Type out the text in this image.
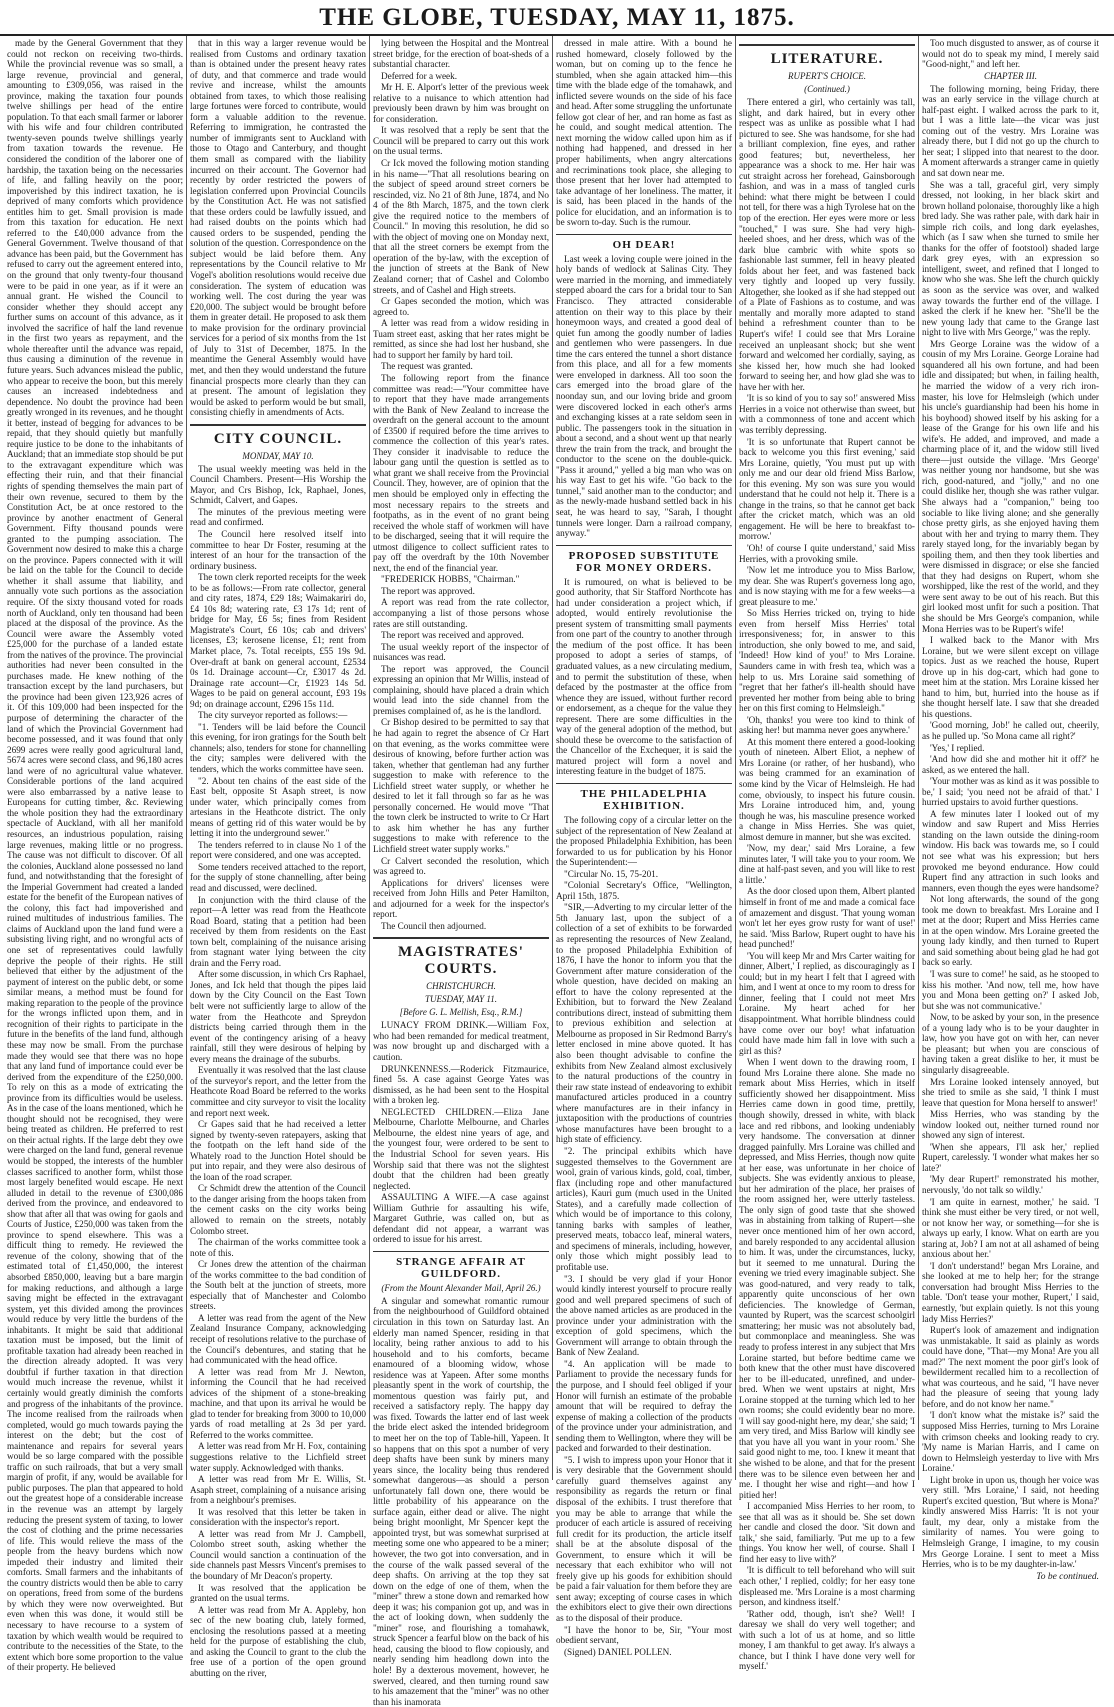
THE GLOBE, TUESDAY, MAY 11, 1875.

made by the General Government that they could not reckon on receiving two-thirds. While the provincial revenue was so small, a large revenue, provincial and general, amounting to £309,056, was raised in the province, making the taxation four pounds twelve shillings per head of the entire population. To that each small farmer or laborer with his wife and four children contributed twenty-seven pounds twelve shillings yearly from taxation towards the revenue. He considered the condition of the laborer one of hardship, the taxation being on the necessaries of life, and falling heavily on the poor; impoverished by this indirect taxation, he is deprived of many comforts which providence entitles him to get. Small provision is made from this taxation for education. He next referred to the £40,000 advance from the General Government. Twelve thousand of that advance has been paid, but the Government has refused to carry out the agreement entered into, on the ground that only twenty-four thousand were to be paid in one year, as if it were an annual grant. He wished the Council to consider whether they should accept any further sums on account of this advance, as it involved the sacrifice of half the land revenue in the first two years as repayment, and the whole thereafter until the advance was repaid, thus causing a diminution of the revenue in future years. Such advances mislead the public, who appear to receive the boon, but this merely causes an increased indebtedness and dependence. No doubt the province had been greatly wronged in its revenues, and he thought it better, instead of begging for advances to be repaid, that they should quietly but manfully require justice to be done to the inhabitants of Auckland; that an immediate stop should be put to the extravagant expenditure which was effecting their ruin, and that their financial rights of spending themselves the main part of their own revenue, secured to them by the Constitution Act, be at once restored to the province by another enactment of General Government. Fifty thousand pounds were granted to the pumping association. The Government now desired to make this a charge on the province. Papers connected with it will be laid on the table for the Council to decide whether it shall assume that liability, and annually vote such portions as the association require. Of the sixty thousand voted for roads north of Auckland, only ten thousand had been placed at the disposal of the province. As the Council were aware the Assembly voted £25,000 for the purchase of a landed estate from the natives of the province. The provincial authorities had never been consulted in the purchases made. He knew nothing of the transaction except by the land purchasers, but the province had been given 123,926 acres of it. Of this 109,000 had been inspected for the purpose of determining the character of the land of which the Provincial Government had become possessed, and it was found that only 2699 acres were really good agricultural land, 5674 acres were second class, and 96,180 acres land were of no agricultural value whatever. Considerable portions of the land acquired were also embarrassed by a native lease to Europeans for cutting timber, &c. Reviewing the whole position they had the extraordinary spectacle of Auckland, with all her manifold resources, an industrious population, raising large revenues, making little or no progress. The cause was not difficult to discover. Of all the colonies, Auckland alone possessed no land fund, and notwithstanding that the foresight of the Imperial Government had created a landed estate for the benefit of the European natives of the colony, this fact had impoverished and ruined multitudes of industrious families. The claims of Auckland upon the land fund were a subsisting living right, and no wrongful acts of one set of representatives could lawfully deprive the people of their rights. He still believed that either by the adjustment of the payment of interest on the public debt, or some similar means, a method must be found for making reparation to the people of the province for the wrongs inflicted upon them, and in recognition of their rights to participate in the future in the benefits of the land fund, although these may now be small. From the purchase made they would see that there was no hope that any land fund of importance could ever be derived from the expenditure of the £250,000. To rely on this as a mode of extricating the province from its difficulties would be useless. As in the case of the loans mentioned, which he thought should not be recognised, they were being treated as children. He preferred to rest on their actual rights. If the large debt they owe were charged on the land fund, general revenue would be stopped, the interests of the humbler classes sacrificed to another form, whilst those most largely benefited would escape. He next alluded in detail to the revenue of £300,086 derived from the province, and endeavored to show that after all that was owing for gaols and Courts of Justice, £250,000 was taken from the province to spend elsewhere. This was a difficult thing to remedy. He reviewed the revenue of the colony, showing that of the estimated total of £1,450,000, the interest absorbed £850,000, leaving but a bare margin for making reductions, and although a large saving might be effected in the extravagant system, yet this divided among the provinces would reduce by very little the burdens of the inhabitants. It might be said that additional taxation must be imposed, but the limit of profitable taxation had already been reached in the direction already adopted. It was very doubtful if further taxation in that direction would much increase the revenue, whilst it certainly would greatly diminish the comforts and progress of the inhabitants of the province. The income realised from the railroads when completed, would go much towards paying the interest on the debt; but the cost of maintenance and repairs for several years would be so large compared with the possible traffic on such railroads, that but a very small margin of profit, if any, would be available for public purposes. The plan that appeared to hold out the greatest hope of a considerable increase in the revenue was an attempt by largely reducing the present system of taxing, to lower the cost of clothing and the prime necessaries of life. This would relieve the mass of the people from the heavy burdens which now impeded their industry and limited their comforts. Small farmers and the inhabitants of the country districts would then be able to carry on operations, freed from some of the burdens by which they were now overweighted. But even when this was done, it would still be necessary to have recourse to a system of taxation by which wealth would be required to contribute to the necessities of the State, to the extent which bore some proportion to the value of their property. He believed

that in this way a larger revenue would be realised from Customs and ordinary taxation than is obtained under the present heavy rates of duty, and that commerce and trade would revive and increase, whilst the amounts obtained from taxes, to which those realising large fortunes were forced to contribute, would form a valuable addition to the revenue. Referring to immigration, he contrasted the number of immigrants sent to Auckland with those to Otago and Canterbury, and thought them small as compared with the liability incurred on their account. The Governor had recently by order restricted the powers of legislation conferred upon Provincial Councils by the Constitution Act. He was not satisfied that these orders could be lawfully issued, and had raised doubts on the points which had caused orders to be suspended, pending the solution of the question. Correspondence on the subject would be laid before them. Any representations by the Council relative to Mr Vogel's abolition resolutions would receive due consideration. The system of education was working well. The cost during the year was £20,000. The subject would be brought before them in greater detail. He proposed to ask them to make provision for the ordinary provincial services for a period of six months from the 1st of July to 31st of December, 1875. In the meantime the General Assembly would have met, and then they would understand the future financial prospects more clearly than they can at present. The amount of legislation they would be asked to perform would be but small, consisting chiefly in amendments of Acts.

CITY COUNCIL.
MONDAY, MAY 10.

The usual weekly meeting was held in the Council Chambers. Present—His Worship the Mayor, and Crs Bishop, Ick, Raphael, Jones, Schmidt, Calvert, and Gapes.

The minutes of the previous meeting were read and confirmed.

The Council here resolved itself into committee to hear Dr Foster, resuming at the interest of an hour for the transaction of the ordinary business.

The town clerk reported receipts for the week to be as follows:—From rate collector, general and city rates, 1874, £29 18s; Waimakariri do, £4 10s 8d; watering rate, £3 17s 1d; rent of bridge for May, £6 5s; fines from Resident Magistrate's Court, £6 10s; cab and drivers' licenses, £3; kerosene license, £1; rent from Market place, 7s. Total receipts, £55 19s 9d. Over-draft at bank on general account, £2534 0s 1d. Drainage account—Cr, £3017 4s 2d. Drainage rate account—Cr, £1923 14s 5d. Wages to be paid on general account, £93 19s 9d; on drainage account, £296 15s 11d.

The city surveyor reported as follows:—

"1. Tenders will be laid before the Council this evening, for iron gratings for the South belt channels; also, tenders for stone for channelling the city; samples were delivered with the tenders, which the works committee have seen.

"2. About ten chains of the east side of the East belt, opposite St Asaph street, is now under water, which principally comes from artesians in the Heathcote district. The only means of getting rid of this water would be by letting it into the underground sewer."

The tenders referred to in clause No 1 of the report were considered, and one was accepted.

Some tenders received attached to the report, for the supply of stone channelling, after being read and discussed, were declined.

In conjunction with the third clause of the report—A letter was read from the Heathcote Road Board, stating that a petition had been received by them from residents on the East town belt, complaining of the nuisance arising from stagnant water lying between the city drain and the Ferry road.

After some discussion, in which Crs Raphael, Jones, and Ick held that though the pipes laid down by the City Council on the East Town belt were not sufficiently large to allow of the water from the Heathcote and Spreydon districts being carried through them in the event of the contingency arising of a heavy rainfall, still they were desirous of helping by every means the drainage of the suburbs.

Eventually it was resolved that the last clause of the surveyor's report, and the letter from the Heathcote Road Board be referred to the works committee and city surveyor to visit the locality and report next week.

Cr Gapes said that he had received a letter signed by twenty-seven ratepayers, asking that the footpath on the left hand side of the Whately road to the Junction Hotel should be put into repair, and they were also desirous of the loan of the road scraper.

Cr Schmidt drew the attention of the Council to the danger arising from the hoops taken from the cement casks on the city works being allowed to remain on the streets, notably Colombo street.

The chairman of the works committee took a note of this.

Cr Jones drew the attention of the chairman of the works committee to the bad condition of the South belt at the junction of streets, more especially that of Manchester and Colombo streets.

A letter was read from the agent of the New Zealand Insurance Company, acknowledging receipt of resolutions relative to the purchase of the Council's debentures, and stating that he had communicated with the head office.

A letter was read from Mr J. Newton, informing the Council that he had received advices of the shipment of a stone-breaking machine, and that upon its arrival he would be glad to tender for breaking from 3000 to 10,000 yards of road metalling at 2s 3d per yard. Referred to the works committee.

A letter was read from Mr H. Fox, containing suggestions relative to the Lichfield street water supply. Acknowledged with thanks.

A letter was read from Mr E. Willis, St. Asaph street, complaining of a nuisance arising from a neighbour's premises.

It was resolved that this letter be taken in consideration with the inspector's report.

A letter was read from Mr J. Campbell, Colombo street south, asking whether the Council would sanction a continuation of the side channels past Messrs Vincent's premises to the boundary of Mr Deacon's property.

It was resolved that the application be granted on the usual terms.

A letter was read from Mr A. Appleby, hon sec of the new boating club, lately formed, enclosing the resolutions passed at a meeting held for the purpose of establishing the club, and asking the Council to grant to the club the free use of a portion of the open ground abutting on the river,

lying between the Hospital and the Montreal street bridge, for the erection of boat-sheds of a substantial character.

Deferred for a week.

Mr H. E. Alport's letter of the previous week relative to a nuisance to which attention had previously been drawn by him was brought on for consideration.

It was resolved that a reply be sent that the Council will be prepared to carry out this work on the usual terms.

Cr Ick moved the following motion standing in his name—"That all resolutions bearing on the subject of speed around street corners be rescinded, viz. No 21 of 8th June, 1874, and No 4 of the 8th March, 1875, and the town clerk give the required notice to the members of Council." In moving this resolution, he did so with the object of moving one on Monday next, that all the street corners be exempt from the operation of the by-law, with the exception of the junction of streets at the Bank of New Zealand corner; that of Cashel and Colombo streets, and of Cashel and High streets.

Cr Gapes seconded the motion, which was agreed to.

A letter was read from a widow residing in Tuam street east, asking that her rates might be remitted, as since she had lost her husband, she had to support her family by hard toil.

The request was granted.

The following report from the finance committee was read:—"Your committee have to report that they have made arrangements with the Bank of New Zealand to increase the overdraft on the general account to the amount of £3500 if required before the time arrives to commence the collection of this year's rates. They consider it inadvisable to reduce the labour gang until the question is settled as to what grant we shall receive from the Provincial Council. They, however, are of opinion that the men should be employed only in effecting the most necessary repairs to the streets and footpaths, as in the event of no grant being received the whole staff of workmen will have to be discharged, seeing that it will require the utmost diligence to collect sufficient rates to pay off the overdraft by the 10th November next, the end of the financial year.

"FREDERICK HOBBS, "Chairman."

The report was approved.

A report was read from the rate collector, accompanying a list of those persons whose rates are still outstanding.

The report was received and approved.

The usual weekly report of the inspector of nuisances was read.

The report was approved, the Council expressing an opinion that Mr Willis, instead of complaining, should have placed a drain which would lead into the side channel from the premises complained of, as he is the landlord.

Cr Bishop desired to be permitted to say that he had again to regret the absence of Cr Hart on that evening, as the works committee were desirous of knowing, before further action was taken, whether that gentleman had any further suggestion to make with reference to the Lichfield street water supply, or whether he desired to let it fall through so far as he was personally concerned. He would move "That the town clerk be instructed to write to Cr Hart to ask him whether he has any further suggestions to make with reference to the Lichfield street water supply works."

Cr Calvert seconded the resolution, which was agreed to.

Applications for drivers' licenses were received from John Hills and Peter Hamilton, and adjourned for a week for the inspector's report.

The Council then adjourned.

MAGISTRATES' COURTS.
CHRISTCHURCH.
TUESDAY, MAY 11.
[Before G. L. Mellish, Esq., R.M.]

LUNACY FROM DRINK.—William Fox, who had been remanded for medical treatment, was now brought up and discharged with a caution.

DRUNKENNESS.—Roderick Fitzmaurice, fined 5s. A case against George Yates was dismissed, as he had been sent to the Hospital with a broken leg.

NEGLECTED CHILDREN.—Eliza Jane Melbourne, Charlotte Melbourne, and Charles Melbourne, the eldest nine years of age, and the youngest four, were ordered to be sent to the Industrial School for seven years. His Worship said that there was not the slightest doubt that the children had been greatly neglected.

ASSAULTING A WIFE.—A case against William Guthrie for assaulting his wife, Margaret Guthrie, was called on, but as defendant did not appear, a warrant was ordered to issue for his arrest.

STRANGE AFFAIR AT GUILDFORD.
(From the Mount Alexander Mail, April 26.)

A singular and somewhat romantic rumour from the neighbourhood of Guildford obtained circulation in this town on Saturday last. An elderly man named Spencer, residing in that locality, being rather anxious to add to his household and to his comforts, became enamoured of a blooming widow, whose residence was at Yapeen. After some months pleasantly spent in the work of courtship, the momentous question was fairly put, and received a satisfactory reply. The happy day was fixed. Towards the latter end of last week the bride elect asked the intended bridegroom to meet her on the top of Table-hill, Yapeen. It so happens that on this spot a number of very deep shafts have been sunk by miners many years since, the locality being thus rendered somewhat dangerous—as should a person unfortunately fall down one, there would be little probability of his appearance on the surface again, either dead or alive. The night being bright moonlight, Mr Spencer kept the appointed tryst, but was somewhat surprised at meeting some one who appeared to be a miner; however, the two got into conversation, and in the course of the walk passed several of the deep shafts. On arriving at the top they sat down on the edge of one of them, when the "miner" threw a stone down and remarked how deep it was; his companion got up, and was in the act of looking down, when suddenly the "miner" rose, and flourishing a tomahawk, struck Spencer a fearful blow on the back of his head, causing the blood to flow copiously, and nearly sending him headlong down into the hole! By a dexterous movement, however, he swerved, cleared, and then turning round saw to his amazement that the "miner" was no other than his inamorata

dressed in male attire. With a bound he rushed homeward, closely followed by the woman, but on coming up to the fence he stumbled, when she again attacked him—this time with the blade edge of the tomahawk, and inflicted severe wounds on the side of his face and head. After some struggling the unfortunate fellow got clear of her, and ran home as fast as he could, and sought medical attention. The next morning the widow called upon him as if nothing had happened, and dressed in her proper habiliments, when angry altercations and recriminations took place, she alleging to those present that her lover had attempted to take advantage of her loneliness. The matter, it is said, has been placed in the hands of the police for elucidation, and an information is to be sworn to-day. Such is the rumour.

OH DEAR!

Last week a loving couple were joined in the holy bands of wedlock at Salinas City. They were married in the morning, and immediately stepped aboard the cars for a bridal tour to San Francisco. They attracted considerable attention on their way to this place by their honeymoon ways, and created a good deal of quiet fun among the goodly number of ladies and gentlemen who were passengers. In due time the cars entered the tunnel a short distance from this place, and all for a few moments were enveloped in darkness. All too soon the cars emerged into the broad glare of the noonday sun, and our loving bride and groom were discovered locked in each other's arms and exchanging kisses at a rate seldom seen in public. The passengers took in the situation in about a second, and a shout went up that nearly threw the train from the track, and brought the conductor to the scene on the double-quick. "Pass it around," yelled a big man who was on his way East to get his wife. "Go back to the tunnel," said another man to the conductor; and as the newly-made husband settled back in his seat, he was heard to say, "Sarah, I thought tunnels were longer. Darn a railroad company, anyway."

PROPOSED SUBSTITUTE FOR MONEY ORDERS.

It is rumoured, on what is believed to be good authority, that Sir Stafford Northcote has had under consideration a project which, if adopted, would entirely revolutionise the present system of transmitting small payments from one part of the country to another through the medium of the post office. It has been proposed to adopt a series of stamps, of graduated values, as a new circulating medium, and to permit the substitution of these, when defaced by the postmaster at the office from whence they are issued, without further record or endorsement, as a cheque for the value they represent. There are some difficulties in the way of the general adoption of the method, but should these be overcome to the satisfaction of the Chancellor of the Exchequer, it is said the matured project will form a novel and interesting feature in the budget of 1875.

THE PHILADELPHIA EXHIBITION.

The following copy of a circular letter on the subject of the representation of New Zealand at the proposed Philadelphia Exhibition, has been forwarded to us for publication by his Honor the Superintendent:—

"Circular No. 15, 75-201.

"Colonial Secretary's Office, "Wellington, April 15th, 1875.

"SIR,—Adverting to my circular letter of the 5th January last, upon the subject of a collection of a set of exhibits to be forwarded as representing the resources of New Zealand, to the proposed Philadelphia Exhibition of 1876, I have the honor to inform you that the Government after mature consideration of the whole question, have decided on making an effort to have the colony represented at the Exhibition, but to forward the New Zealand contributions direct, instead of submitting them to previous exhibition and selection at Melbourne as proposed in Sir Redmond Barry's letter enclosed in mine above quoted. It has also been thought advisable to confine the exhibits from New Zealand almost exclusively to the natural productions of the country in their raw state instead of endeavoring to exhibit manufactured articles produced in a country where manufactures are in their infancy in juxtaposition with the productions of countries whose manufactures have been brought to a high state of efficiency.

"2. The principal exhibits which have suggested themselves to the Government are wool, grain of various kinds, gold, coal, timber, flax (including rope and other manufactured articles), Kauri gum (much used in the United States), and a carefully made collection of which would be of importance to this colony, tanning barks with samples of leather, preserved meats, tobacco leaf, mineral waters, and specimens of minerals, including, however, only those which might possibly lead to profitable use.

"3. I should be very glad if your Honor would kindly interest yourself to procure really good and well prepared specimens of such of the above named articles as are produced in the province under your administration with the exception of gold specimens, which the Government will arrange to obtain through the Bank of New Zealand.

"4. An application will be made to Parliament to provide the necessary funds for the purpose, and I should feel obliged if your Honor will furnish an estimate of the probable amount that will be required to defray the expense of making a collection of the products of the province under your administration, and sending them to Wellington, where they will be packed and forwarded to their destination.

"5. I wish to impress upon your Honor that it is very desirable that the Government should carefully guard themselves against any responsibility as regards the return or final disposal of the exhibits. I trust therefore that you may be able to arrange that while the producer of each article is assured of receiving full credit for its production, the article itself shall be at the absolute disposal of the Government, to ensure which it will be necessary that each exhibitor who will not freely give up his goods for exhibition should be paid a fair valuation for them before they are sent away; excepting of course cases in which the exhibitors elect to give their own directions as to the disposal of their produce.

"I have the honor to be, Sir, "Your most obedient servant,

(Signed) DANIEL POLLEN.

LITERATURE.
RUPERT'S CHOICE.
(Continued.)

There entered a girl, who certainly was tall, slight, and dark haired, but in every other respect was as unlike as possible what I had pictured to see. She was handsome, for she had a brilliant complexion, fine eyes, and rather good features; but, nevertheless, her appearance was a shock to me. Her hair was cut straight across her forehead, Gainsborough fashion, and was in a mass of tangled curls behind: what there might be between I could not tell, for there was a high Tyrolese hat on the top of the erection. Her eyes were more or less "touched," I was sure. She had very high-heeled shoes, and her dress, which was of the dark blue cambric with white spots so fashionable last summer, fell in heavy pleated folds about her feet, and was fastened back very tightly and looped up very fussily. Altogether, she looked as if she had stepped out of a Plate of Fashions as to costume, and was mentally and morally more adapted to stand behind a refreshment counter than to be Rupert's wife! I could see that Mrs Loraine received an unpleasant shock; but she went forward and welcomed her cordially, saying, as she kissed her, how much she had looked forward to seeing her, and how glad she was to have her with her.

'It is so kind of you to say so!' answered Miss Herries in a voice not otherwise than sweet, but with a commonness of tone and accent which was terribly depressing.

'It is so unfortunate that Rupert cannot be back to welcome you this first evening,' said Mrs Loraine, quietly, 'You must put up with only me and our dear old friend Miss Barlow, for this evening. My son was sure you would understand that he could not help it. There is a change in the trains, so that he cannot get back after the cricket match, which was an old engagement. He will be here to breakfast to-morrow.'

'Oh! of course I quite understand,' said Miss Herries, with a provoking smile.

'Now let me introduce you to Miss Barlow, my dear. She was Rupert's governess long ago, and is now staying with me for a few weeks—a great pleasure to me.'

So Miss Herries tricked on, trying to hide even from herself Miss Herries' total irresponsiveness; for, in answer to this introduction, she only bowed to me, and said, 'Indeed! How kind of you!' to Mrs Loraine. Saunders came in with fresh tea, which was a help to us. Mrs Loraine said something of "regret that her father's ill-health should have prevented her mother from being able to bring her on this first coming to Helmsleigh."

'Oh, thanks! you were too kind to think of asking her! but mamma never goes anywhere.'

At this moment there entered a good-looking youth of nineteen. Albert Eliot, a nephew of Mrs Loraine (or rather, of her husband), who was being crammed for an examination of some kind by the Vicar of Helmsleigh. He had come, obviously, to inspect his future cousin. Mrs Loraine introduced him, and, young though he was, his masculine presence worked a change in Miss Herries. She was quiet, almost demure in manner, but she was excited.

'Now, my dear,' said Mrs Loraine, a few minutes later, 'I will take you to your room. We dine at half-past seven, and you will like to rest a little.'

As the door closed upon them, Albert planted himself in front of me and made a comical face of amazement and disgust. 'That young woman won't let her eyes grow rusty for want of use!' he said. 'Miss Barlow, Rupert ought to have his head punched!'

'You will keep Mr and Mrs Carter waiting for dinner, Albert,' I replied, as discouragingly as I could; but in my heart I felt that I agreed with him, and I went at once to my room to dress for dinner, feeling that I could not meet Mrs Loraine. My heart ached for her disappointment. What horrible blindness could have come over our boy! what infatuation could have made him fall in love with such a girl as this?

When I went down to the drawing room, I found Mrs Loraine there alone. She made no remark about Miss Herries, which in itself sufficiently showed her disappointment. Miss Herries came down in good time, prettily, though showily, dressed in white, with black lace and red ribbons, and looking undeniably very handsome. The conversation at dinner dragged painfully. Mrs Loraine was chilled and depressed, and Miss Herries, though now quite at her ease, was unfortunate in her choice of subjects. She was evidently anxious to please, but her admiration of the place, her praises of the room assigned her, were utterly tasteless. The only sign of good taste that she showed was in abstaining from talking of Rupert—she never once mentioned him of her own accord, and barely responded to any accidental allusion to him. It was, under the circumstances, lucky, but it seemed to me unnatural. During the evening we tried every imaginable subject. She was good-natured, and very ready to talk, apparently quite unconscious of her own deficiencies. The knowledge of German, vaunted by Rupert, was the scarcest schoolgirl smattering; her music was not absolutely bad, but commonplace and meaningless. She was ready to profess interest in any subject that Mrs Loraine started, but before bedtime came we both knew that the other must have discovered her to be ill-educated, unrefined, and under-bred. When we went upstairs at night, Mrs Loraine stopped at the turning which led to her own rooms; she could evidently bear no more. 'I will say good-night here, my dear,' she said; 'I am very tired, and Miss Barlow will kindly see that you have all you want in your room.' She said good night to me, too. I knew it meant that she wished to be alone, and that for the present there was to be silence even between her and me. I thought her wise and right—and how I pitied her!

I accompanied Miss Herries to her room, to see that all was as it should be. She set down her candle and closed the door. 'Sit down and talk,' she said, familiarly. 'Put me up to a few things. You know her well, of course. Shall I find her easy to live with?'

'It is difficult to tell beforehand who will suit each other,' I replied, coldly; for her easy tone displeased me. 'Mrs Loraine is a most charming person, and kindness itself.'

'Rather odd, though, isn't she? Well! I daresay we shall do very well together; and with such a lot of us at home, and so little money, I am thankful to get away. It's always a chance, but I think I have done very well for myself.'

Too much disgusted to answer, as of course it would not do to speak my mind, I merely said "Good-night," and left her.

CHAPTER III.

The following morning, being Friday, there was an early service in the village church at half-past eight. I walked across the park to it, but I was a little late—the vicar was just coming out of the vestry. Mrs Loraine was already there, but I did not go up the church to her seat; I slipped into that nearest to the door. A moment afterwards a stranger came in quietly and sat down near me.

She was a tall, graceful girl, very simply dressed, not looking, in her black skirt and brown holland polonaise, thoroughly like a high bred lady. She was rather pale, with dark hair in simple rich coils, and long dark eyelashes, which (as I saw when she turned to smile her thanks for the offer of footstool) shaded large dark grey eyes, with an expression so intelligent, sweet, and refined that I longed to know who she was. She left the church quickly as soon as the service was over, and walked away towards the further end of the village. I asked the clerk if he knew her. "She'll be the new young lady that came to the Grange last night to live with Mrs George," was the reply.

Mrs George Loraine was the widow of a cousin of my Mrs Loraine. George Loraine had squandered all his own fortune, and had been idle and dissipated; but when, in failing health, he married the widow of a very rich iron-master, his love for Helmsleigh (which under his uncle's guardianship had been his home in his boyhood) showed itself by his asking for a lease of the Grange for his own life and his wife's. He added, and improved, and made a charming place of it, and the widow still lived there—just outside the village. 'Mrs George' was neither young nor handsome, but she was rich, good-natured, and "jolly," and no one could dislike her, though she was rather vulgar. She always had a "companion," being too sociable to like living alone; and she generally chose pretty girls, as she enjoyed having them about with her and trying to marry them. They rarely stayed long, for the invariably began by spoiling them, and then they took liberties and were dismissed in disgrace; or else she fancied that they had designs on Rupert, whom she worshipped, like the rest of the world, and they were sent away to be out of his reach. But this girl looked most unfit for such a position. That she should be Mrs George's companion, while Mona Herries was to be Rupert's wife!

I walked back to the Manor with Mrs Loraine, but we were silent except on village topics. Just as we reached the house, Rupert drove up in his dog-cart, which had gone to meet him at the station. Mrs Loraine kissed her hand to him, but, hurried into the house as if she thought herself late. I saw that she dreaded his questions.

'Good morning, Job!' he called out, cheerily, as he pulled up. 'So Mona came all right?'

'Yes,' I replied.

'And how did she and mother hit it off?' he asked, as we entered the hall.

'Your mother was as kind as it was possible to be,' I said; 'you need not be afraid of that.' I hurried upstairs to avoid further questions.

A few minutes later I looked out of my window and saw Rupert and Miss Herries standing on the lawn outside the dining-room window. His back was towards me, so I could not see what was his expression; but hers provoked me beyond endurance. How could Rupert find any attraction in such looks and manners, even though the eyes were handsome?

Not long afterwards, the sound of the gong took me down to breakfast. Mrs Loraine and I met at the door; Rupert and Miss Herries came in at the open window. Mrs Loraine greeted the young lady kindly, and then turned to Rupert and said something about being glad he had got back so early.

'I was sure to come!' he said, as he stooped to kiss his mother. 'And now, tell me, how have you and Mona been getting on?' I asked Job, but she was not communicative.'

Now, to be asked by your son, in the presence of a young lady who is to be your daughter in law, how you have got on with her, can never be pleasant; but when you are conscious of having taken a great dislike to her, it must be singularly disagreeable.

Mrs Loraine looked intensely annoyed, but she tried to smile as she said, 'I think I must leave that question for Mona herself to answer!'

Miss Herries, who was standing by the window looked out, neither turned round nor showed any sign of interest.

'When she appears, I'll ask her,' replied Rupert, carelessly. 'I wonder what makes her so late?'

'My dear Rupert!' remonstrated his mother, nervously, 'do not talk so wildly.'

'I am quite in earnest, mother,' he said. 'I think she must either be very tired, or not well, or not know her way, or something—for she is always up early, I know. What on earth are you staring at, Job? I am not at all ashamed of being anxious about her.'

'I don't understand!' began Mrs Loraine, and she looked at me to help her; for the strange conversation had brought Miss Herries to the table. 'Don't tease your mother, Rupert,' I said, earnestly, 'but explain quietly. Is not this young lady Miss Herries?'

Rupert's look of amazement and indignation was unmistakable. It said as plainly as words could have done, "That—my Mona! Are you all mad?" The next moment the poor girl's look of bewilderment recalled him to a recollection of what was courteous, and he said, "I have never had the pleasure of seeing that young lady before, and do not know her name."

'I don't know what the mistake is?' said the supposed Miss Herries, turning to Mrs Loraine with crimson cheeks and looking ready to cry. 'My name is Marian Harris, and I came on down to Helmsleigh yesterday to live with Mrs Loraine.'

Light broke in upon us, though her voice was very still. 'Mrs Loraine,' I said, not heeding Rupert's excited question, 'But where is Mona?' kindly answered Miss Harris: 'It is not your fault, my dear, only a mistake from the similarity of names. You were going to Helmsleigh Grange, I imagine, to my cousin Mrs George Loraine. I sent to meet a Miss Herries, who is to be my daughter-in-law.'

To be continued.
